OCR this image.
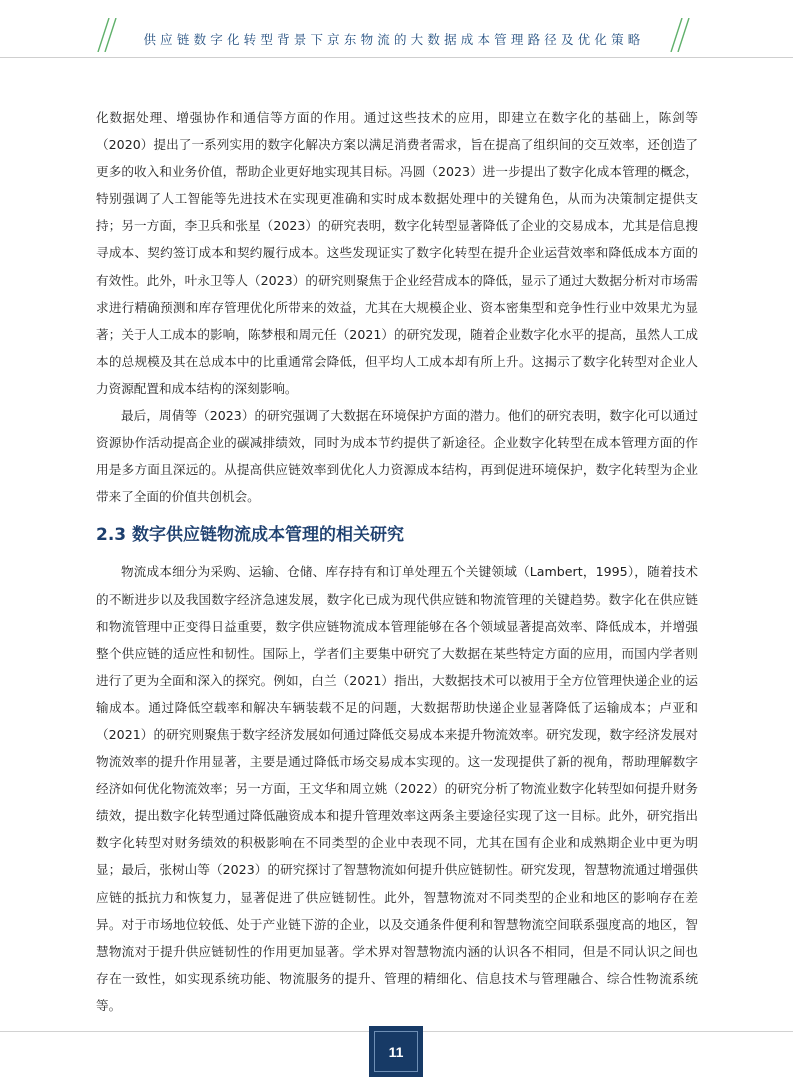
供应链数字化转型背景下京东物流的大数据成本管理路径及优化策略

化数据处理、增强协作和通信等方面的作用。通过这些技术的应用，即建立在数字化的基础上，陈剑等（2020）提出了一系列实用的数字化解决方案以满足消费者需求，旨在提高了组织间的交互效率，还创造了更多的收入和业务价值，帮助企业更好地实现其目标。冯圆（2023）进一步提出了数字化成本管理的概念，特别强调了人工智能等先进技术在实现更准确和实时成本数据处理中的关键角色，从而为决策制定提供支持；另一方面，李卫兵和张星（2023）的研究表明，数字化转型显著降低了企业的交易成本，尤其是信息搜寻成本、契约签订成本和契约履行成本。这些发现证实了数字化转型在提升企业运营效率和降低成本方面的有效性。此外，叶永卫等人（2023）的研究则聚焦于企业经营成本的降低，显示了通过大数据分析对市场需求进行精确预测和库存管理优化所带来的效益，尤其在大规模企业、资本密集型和竞争性行业中效果尤为显著；关于人工成本的影响，陈梦根和周元任（2021）的研究发现，随着企业数字化水平的提高，虽然人工成本的总规模及其在总成本中的比重通常会降低，但平均人工成本却有所上升。这揭示了数字化转型对企业人力资源配置和成本结构的深刻影响。

最后，周倩等（2023）的研究强调了大数据在环境保护方面的潜力。他们的研究表明，数字化可以通过资源协作活动提高企业的碳减排绩效，同时为成本节约提供了新途径。企业数字化转型在成本管理方面的作用是多方面且深远的。从提高供应链效率到优化人力资源成本结构，再到促进环境保护，数字化转型为企业带来了全面的价值共创机会。

2.3 数字供应链物流成本管理的相关研究

物流成本细分为采购、运输、仓储、库存持有和订单处理五个关键领域（Lambert，1995），随着技术的不断进步以及我国数字经济急速发展，数字化已成为现代供应链和物流管理的关键趋势。数字化在供应链和物流管理中正变得日益重要，数字供应链物流成本管理能够在各个领域显著提高效率、降低成本，并增强整个供应链的适应性和韧性。国际上，学者们主要集中研究了大数据在某些特定方面的应用，而国内学者则进行了更为全面和深入的探究。例如，白兰（2021）指出，大数据技术可以被用于全方位管理快递企业的运输成本。通过降低空载率和解决车辆装载不足的问题，大数据帮助快递企业显著降低了运输成本；卢亚和（2021）的研究则聚焦于数字经济发展如何通过降低交易成本来提升物流效率。研究发现，数字经济发展对物流效率的提升作用显著，主要是通过降低市场交易成本实现的。这一发现提供了新的视角，帮助理解数字经济如何优化物流效率；另一方面，王文华和周立姚（2022）的研究分析了物流业数字化转型如何提升财务绩效，提出数字化转型通过降低融资成本和提升管理效率这两条主要途径实现了这一目标。此外，研究指出数字化转型对财务绩效的积极影响在不同类型的企业中表现不同，尤其在国有企业和成熟期企业中更为明显；最后，张树山等（2023）的研究探讨了智慧物流如何提升供应链韧性。研究发现，智慧物流通过增强供应链的抵抗力和恢复力，显著促进了供应链韧性。此外，智慧物流对不同类型的企业和地区的影响存在差异。对于市场地位较低、处于产业链下游的企业，以及交通条件便利和智慧物流空间联系强度高的地区，智慧物流对于提升供应链韧性的作用更加显著。学术界对智慧物流内涵的认识各不相同，但是不同认识之间也存在一致性，如实现系统功能、物流服务的提升、管理的精细化、信息技术与管理融合、综合性物流系统等。

11
